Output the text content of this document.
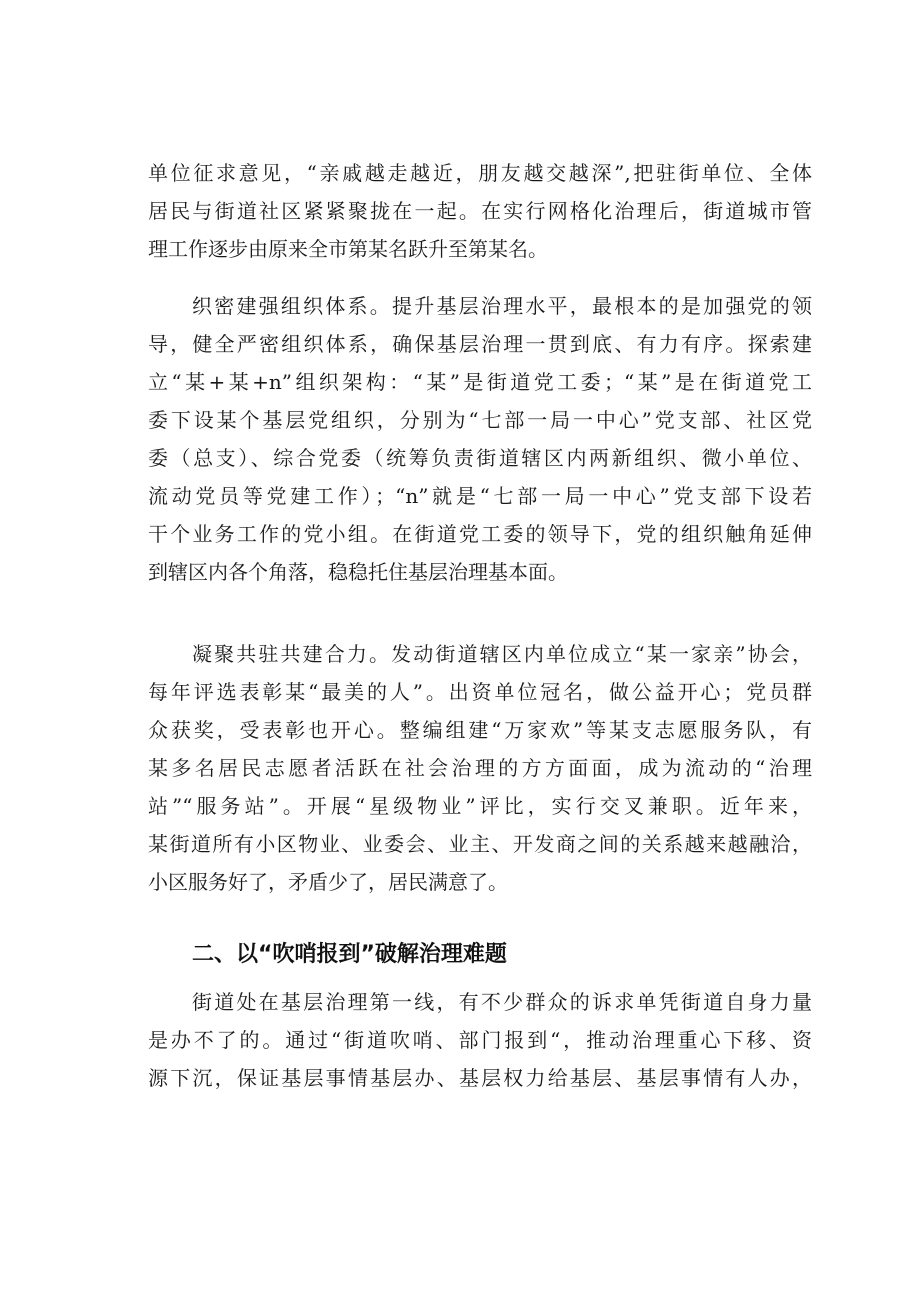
单位征求意见，“亲戚越走越近，朋友越交越深”,把驻街单位、全体
居民与街道社区紧紧聚拢在一起。在实行网格化治理后，街道城市管
理工作逐步由原来全市第某名跃升至第某名。
织密建强组织体系。提升基层治理水平，最根本的是加强党的领
导，健全严密组织体系，确保基层治理一贯到底、有力有序。探索建
立“某+某+n”组织架构：“某”是街道党工委；“某”是在街道党工
委下设某个基层党组织，分别为“七部一局一中心”党支部、社区党
委（总支）、综合党委（统筹负责街道辖区内两新组织、微小单位、
流动党员等党建工作）；“n”就是“七部一局一中心”党支部下设若
干个业务工作的党小组。在街道党工委的领导下，党的组织触角延伸
到辖区内各个角落，稳稳托住基层治理基本面。
凝聚共驻共建合力。发动街道辖区内单位成立“某一家亲”协会，
每年评选表彰某“最美的人”。出资单位冠名，做公益开心；党员群
众获奖，受表彰也开心。整编组建“万家欢”等某支志愿服务队，有
某多名居民志愿者活跃在社会治理的方方面面，成为流动的“治理
站”“服务站”。开展“星级物业”评比，实行交叉兼职。近年来，
某街道所有小区物业、业委会、业主、开发商之间的关系越来越融洽，
小区服务好了，矛盾少了，居民满意了。
二、以“吹哨报到”破解治理难题
街道处在基层治理第一线，有不少群众的诉求单凭街道自身力量
是办不了的。通过“街道吹哨、部门报到“，推动治理重心下移、资
源下沉，保证基层事情基层办、基层权力给基层、基层事情有人办，
